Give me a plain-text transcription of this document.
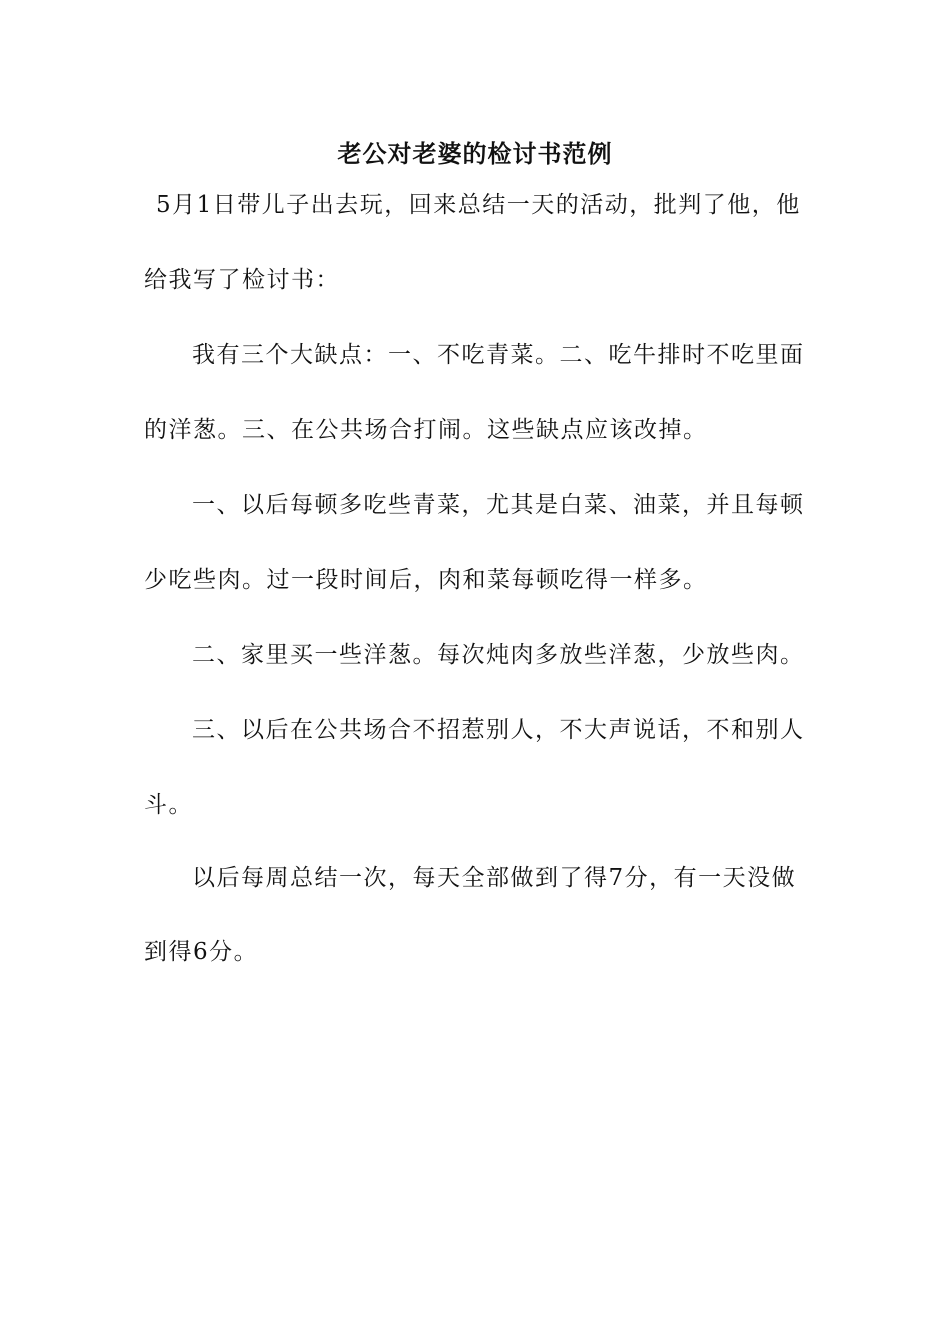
老公对老婆的检讨书范例
5月1日带儿子出去玩，回来总结一天的活动，批判了他，他
给我写了检讨书：
我有三个大缺点：一、不吃青菜。二、吃牛排时不吃里面
的洋葱。三、在公共场合打闹。这些缺点应该改掉。
一、以后每顿多吃些青菜，尤其是白菜、油菜，并且每顿
少吃些肉。过一段时间后，肉和菜每顿吃得一样多。
二、家里买一些洋葱。每次炖肉多放些洋葱，少放些肉。
三、以后在公共场合不招惹别人，不大声说话，不和别人
斗。
以后每周总结一次，每天全部做到了得7分，有一天没做
到得6分。
